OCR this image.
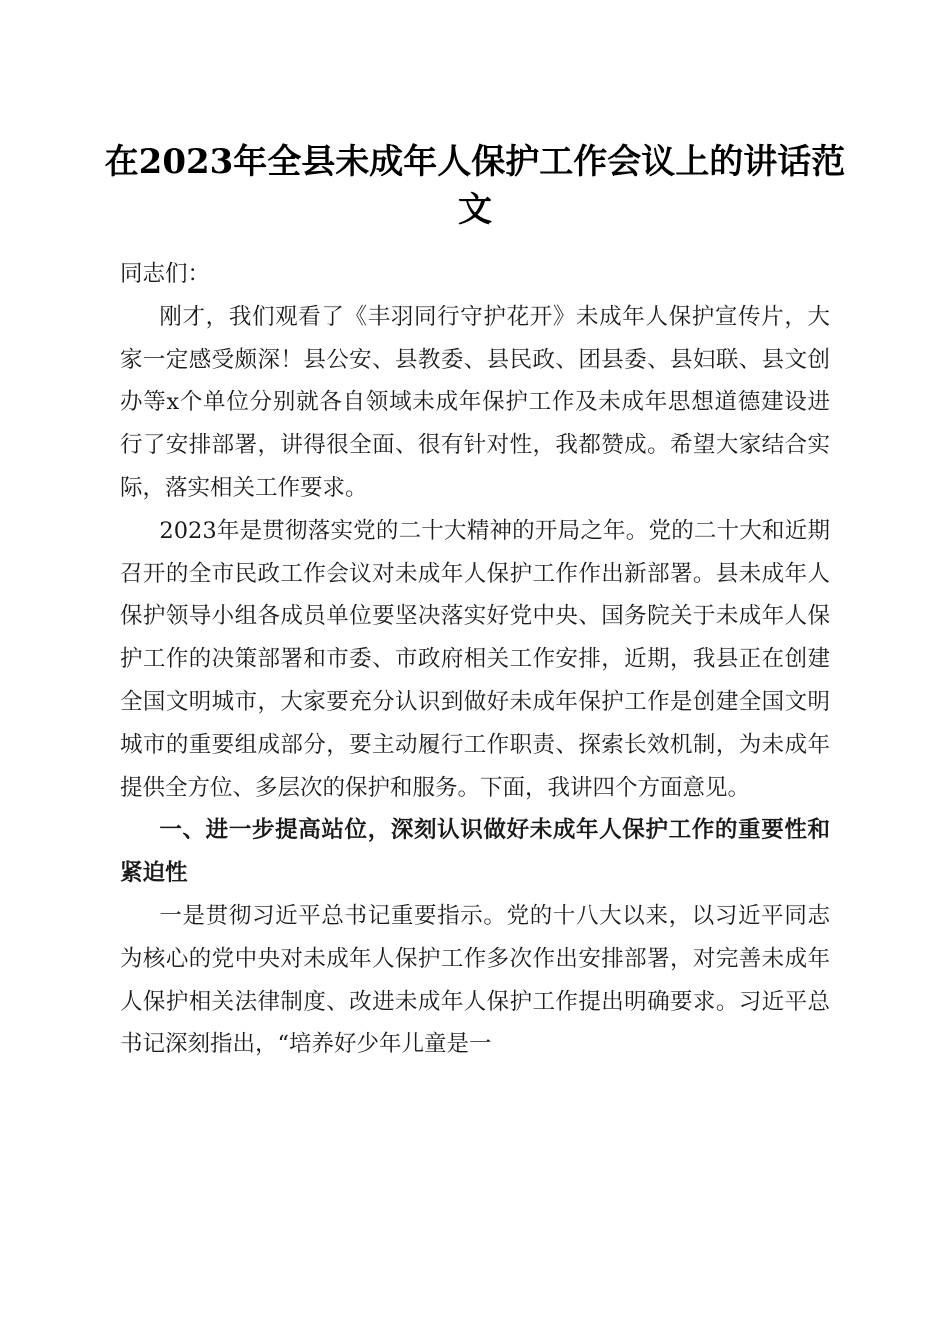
在2023年全县未成年人保护工作会议上的讲话范文

同志们：

刚才，我们观看了《丰羽同行守护花开》未成年人保护宣传片，大家一定感受颇深！县公安、县教委、县民政、团县委、县妇联、县文创办等x个单位分别就各自领域未成年保护工作及未成年思想道德建设进行了安排部署，讲得很全面、很有针对性，我都赞成。希望大家结合实际，落实相关工作要求。

2023年是贯彻落实党的二十大精神的开局之年。党的二十大和近期召开的全市民政工作会议对未成年人保护工作作出新部署。县未成年人保护领导小组各成员单位要坚决落实好党中央、国务院关于未成年人保护工作的决策部署和市委、市政府相关工作安排，近期，我县正在创建全国文明城市，大家要充分认识到做好未成年保护工作是创建全国文明城市的重要组成部分，要主动履行工作职责、探索长效机制，为未成年提供全方位、多层次的保护和服务。下面，我讲四个方面意见。

一、进一步提高站位，深刻认识做好未成年人保护工作的重要性和紧迫性

一是贯彻习近平总书记重要指示。党的十八大以来，以习近平同志为核心的党中央对未成年人保护工作多次作出安排部署，对完善未成年人保护相关法律制度、改进未成年人保护工作提出明确要求。习近平总书记深刻指出，“培养好少年儿童是一
